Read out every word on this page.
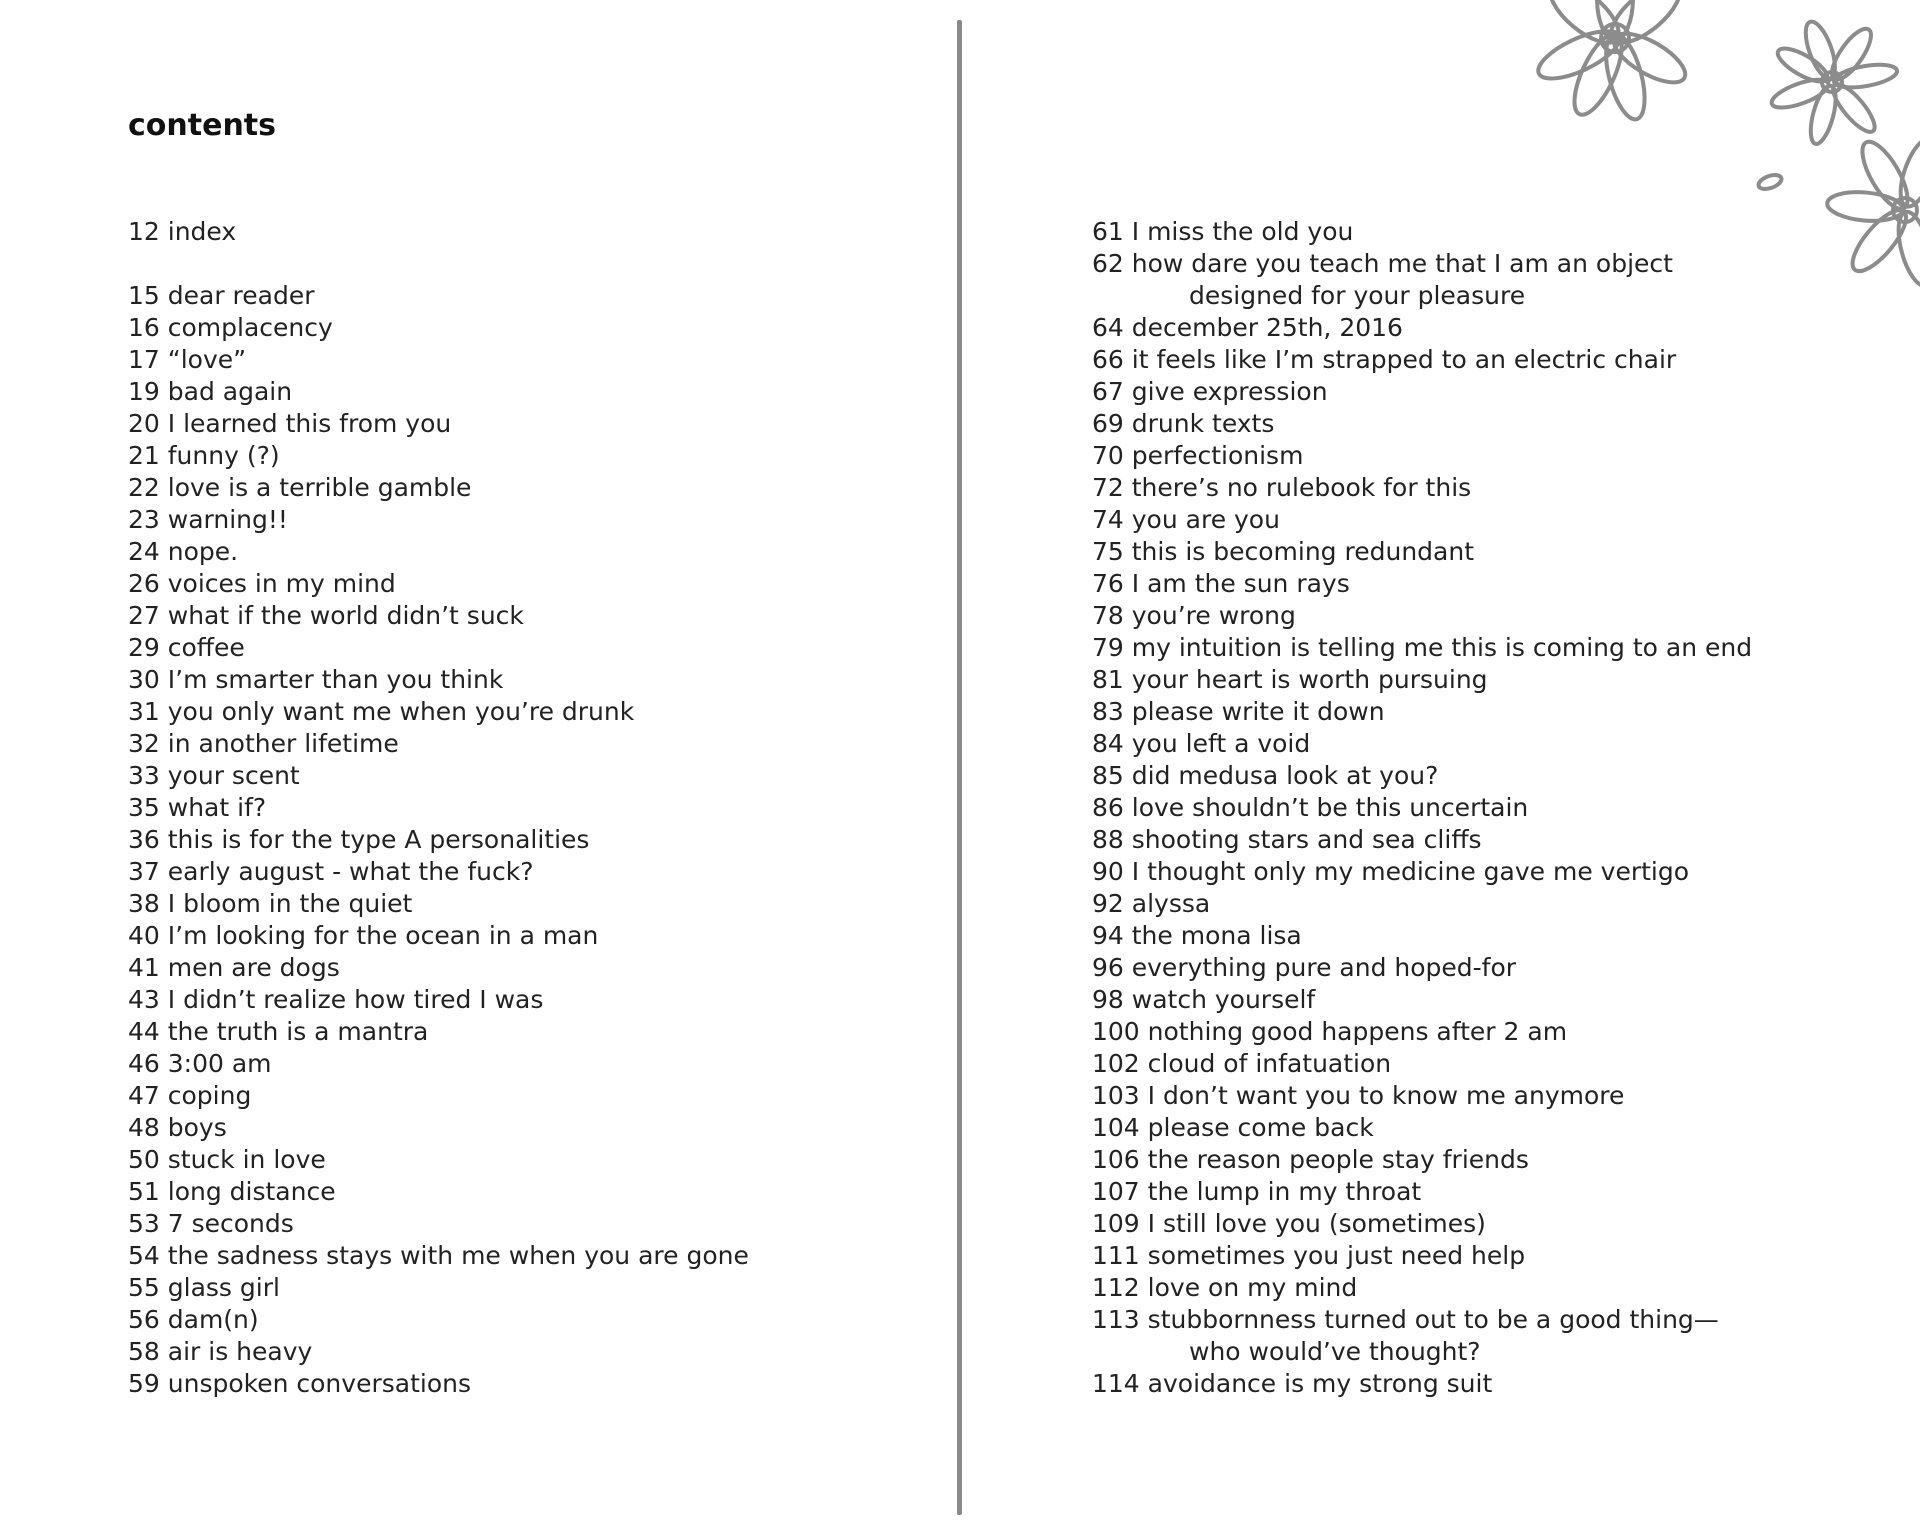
contents
12 index
15 dear reader
16 complacency
17 “love”
19 bad again
20 I learned this from you
21 funny (?)
22 love is a terrible gamble
23 warning!!
24 nope.
26 voices in my mind
27 what if the world didn’t suck
29 coffee
30 I’m smarter than you think
31 you only want me when you’re drunk
32 in another lifetime
33 your scent
35 what if?
36 this is for the type A personalities
37 early august - what the fuck?
38 I bloom in the quiet
40 I’m looking for the ocean in a man
41 men are dogs
43 I didn’t realize how tired I was
44 the truth is a mantra
46 3:00 am
47 coping
48 boys
50 stuck in love
51 long distance
53 7 seconds
54 the sadness stays with me when you are gone
55 glass girl
56 dam(n)
58 air is heavy
59 unspoken conversations
61 I miss the old you
62 how dare you teach me that I am an object
designed for your pleasure
64 december 25th, 2016
66 it feels like I’m strapped to an electric chair
67 give expression
69 drunk texts
70 perfectionism
72 there’s no rulebook for this
74 you are you
75 this is becoming redundant
76 I am the sun rays
78 you’re wrong
79 my intuition is telling me this is coming to an end
81 your heart is worth pursuing
83 please write it down
84 you left a void
85 did medusa look at you?
86 love shouldn’t be this uncertain
88 shooting stars and sea cliffs
90 I thought only my medicine gave me vertigo
92 alyssa
94 the mona lisa
96 everything pure and hoped-for
98 watch yourself
100 nothing good happens after 2 am
102 cloud of infatuation
103 I don’t want you to know me anymore
104 please come back
106 the reason people stay friends
107 the lump in my throat
109 I still love you (sometimes)
111 sometimes you just need help
112 love on my mind
113 stubbornness turned out to be a good thing—
who would’ve thought?
114 avoidance is my strong suit
